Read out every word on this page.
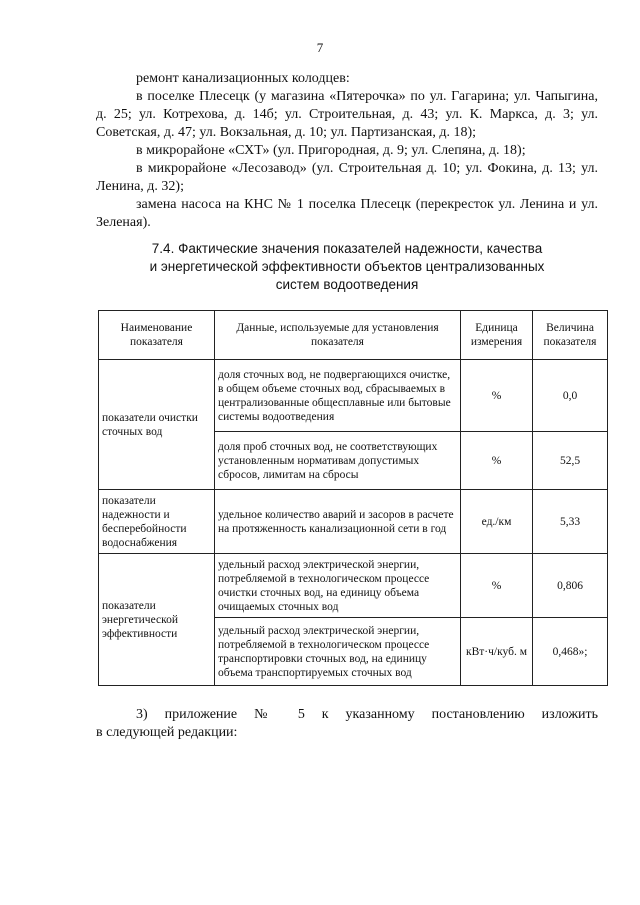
7

ремонт канализационных колодцев:

в поселке Плесецк (у магазина «Пятерочка» по ул. Гагарина; ул. Чапыгина, д. 25; ул. Котрехова, д. 14б; ул. Строительная, д. 43; ул. К. Маркса, д. 3; ул. Советская, д. 47; ул. Вокзальная, д. 10; ул. Партизанская, д. 18);

в микрорайоне «СХТ» (ул. Пригородная, д. 9; ул. Слепяна, д. 18);

в микрорайоне «Лесозавод» (ул. Строительная д. 10; ул. Фокина, д. 13; ул. Ленина, д. 32);

замена насоса на КНС № 1 поселка Плесецк (перекресток ул. Ленина и ул. Зеленая).

7.4. Фактические значения показателей надежности, качества
и энергетической эффективности объектов централизованных
систем водоотведения
Наименование показателя	Данные, используемые для установления показателя	Единица измерения	Величина показателя
показатели очистки сточных вод	доля сточных вод, не подвергающихся очистке, в общем объеме сточных вод, сбрасываемых в централизованные общесплавные или бытовые системы водоотведения	%	0,0
	доля проб сточных вод, не соответствующих установленным нормативам допустимых сбросов, лимитам на сбросы	%	52,5
показатели надежности и бесперебойности водоснабжения	удельное количество аварий и засоров в расчете на протяженность канализационной сети в год	ед./км	5,33
показатели энергетической эффективности	удельный расход электрической энергии, потребляемой в технологическом процессе очистки сточных вод, на единицу объема очищаемых сточных вод	%	0,806
	удельный расход электрической энергии, потребляемой в технологическом процессе транспортировки сточных вод, на единицу объема транспортируемых сточных вод	кВт·ч/куб. м	0,468»;

3) приложение № 5 к указанному постановлению изложить

в следующей редакции:
